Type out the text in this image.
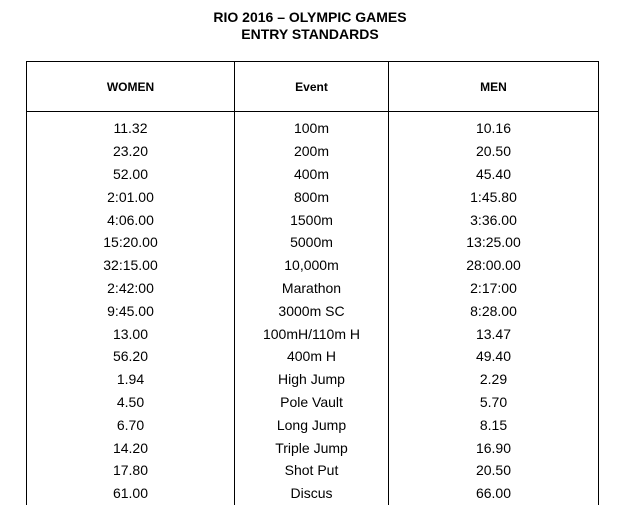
RIO 2016 – OLYMPIC GAMES
ENTRY STANDARDS
WOMEN	Event	MEN

11.32	100m	10.16
23.20	200m	20.50
52.00	400m	45.40
2:01.00	800m	1:45.80
4:06.00	1500m	3:36.00
15:20.00	5000m	13:25.00
32:15.00	10,000m	28:00.00
2:42:00	Marathon	2:17:00
9:45.00	3000m SC	8:28.00
13.00	100mH/110m H	13.47
56.20	400m H	49.40
1.94	High Jump	2.29
4.50	Pole Vault	5.70
6.70	Long Jump	8.15
14.20	Triple Jump	16.90
17.80	Shot Put	20.50
61.00	Discus	66.00
